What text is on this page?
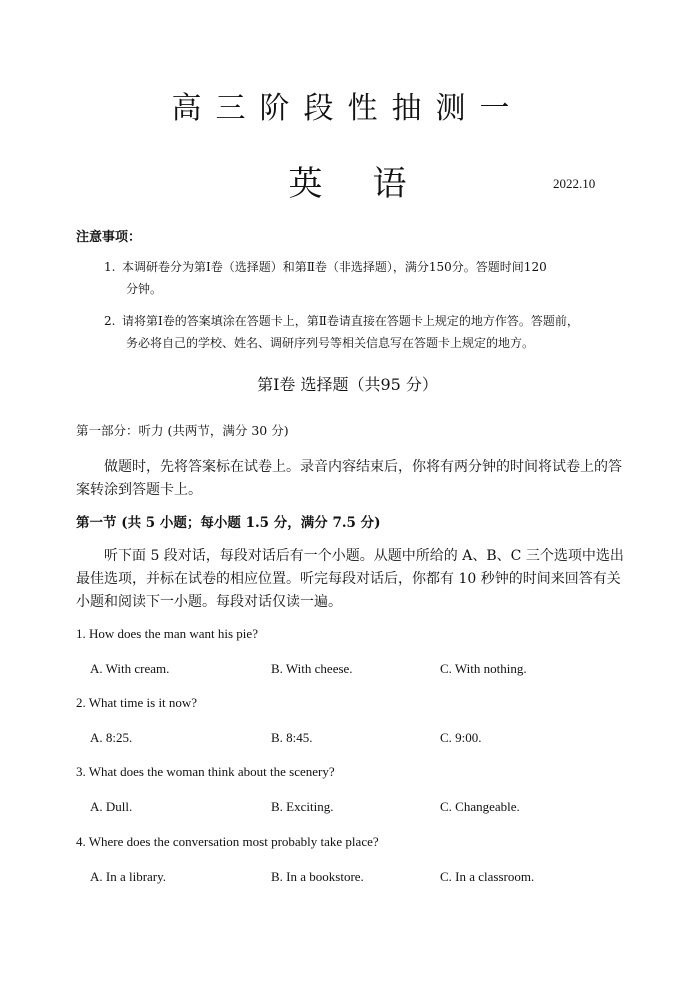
高三阶段性抽测一
英语	2022.10
注意事项：
1. 本调研卷分为第Ⅰ卷（选择题）和第Ⅱ卷（非选择题），满分150分。答题时间120
分钟。
2. 请将第Ⅰ卷的答案填涂在答题卡上，第Ⅱ卷请直接在答题卡上规定的地方作答。答题前，
务必将自己的学校、姓名、调研序列号等相关信息写在答题卡上规定的地方。
第Ⅰ卷 选择题（共95 分）
第一部分：听力 (共两节，满分 30 分)
做题时，先将答案标在试卷上。录音内容结束后，你将有两分钟的时间将试卷上的答案转涂到答题卡上。
第一节 (共 5 小题；每小题 1.5 分，满分 7.5 分)
听下面 5 段对话，每段对话后有一个小题。从题中所给的 A、B、C 三个选项中选出最佳选项，并标在试卷的相应位置。听完每段对话后，你都有 10 秒钟的时间来回答有关小题和阅读下一小题。每段对话仅读一遍。
1. How does the man want his pie?
A. With cream.	B. With cheese.	C. With nothing.
2. What time is it now?
A. 8:25.	B. 8:45.	C. 9:00.
3. What does the woman think about the scenery?
A. Dull.	B. Exciting.	C. Changeable.
4. Where does the conversation most probably take place?
A. In a library.	B. In a bookstore.	C. In a classroom.
